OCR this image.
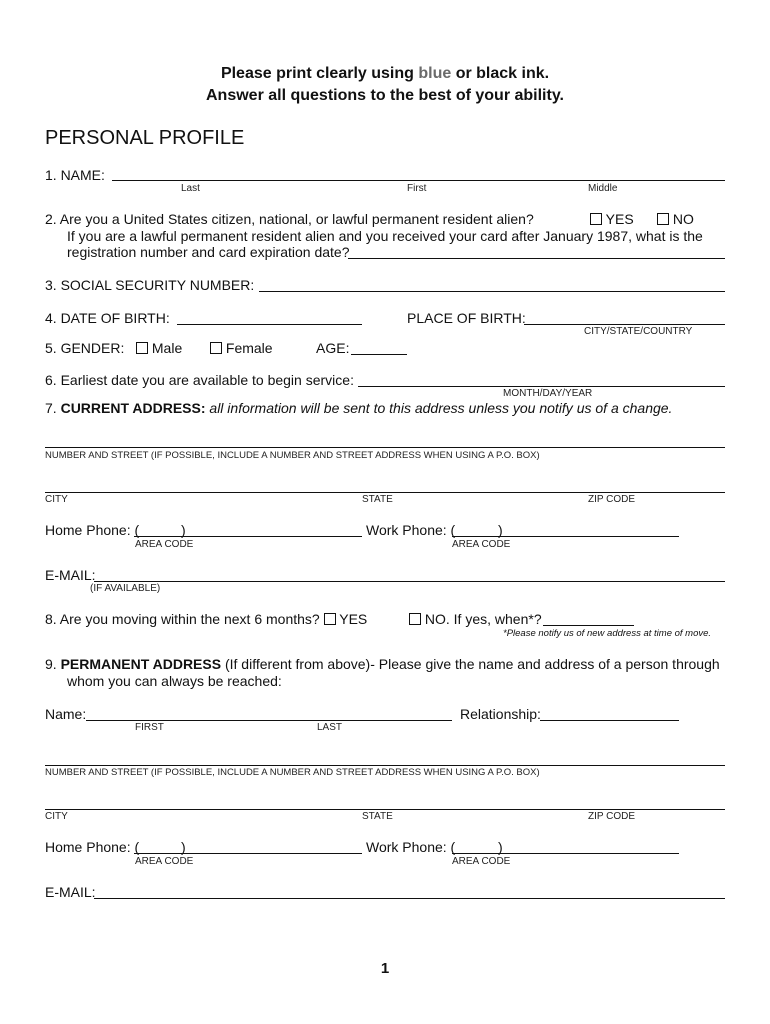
Please print clearly using blue or black ink.
Answer all questions to the best of your ability.
PERSONAL PROFILE
1. NAME:
Last	First	Middle
2. Are you a United States citizen, national, or lawful permanent resident alien?	YES	NO
If you are a lawful permanent resident alien and you received your card after January 1987, what is the
registration number and card expiration date?
3. SOCIAL SECURITY NUMBER:
4. DATE OF BIRTH:	PLACE OF BIRTH:
CITY/STATE/COUNTRY
5. GENDER:	Male	Female	AGE:
6. Earliest date you are available to begin service:
MONTH/DAY/YEAR
7. CURRENT ADDRESS: all information will be sent to this address unless you notify us of a change.
NUMBER AND STREET (IF POSSIBLE, INCLUDE A NUMBER AND STREET ADDRESS WHEN USING A P.O. BOX)
CITY	STATE	ZIP CODE
Home Phone: (	)
AREA CODE
Work Phone: (	)
AREA CODE
E-MAIL:
(IF AVAILABLE)
8. Are you moving within the next 6 months? YES	NO. If yes, when*?
*Please notify us of new address at time of move.
9. PERMANENT ADDRESS (If different from above)- Please give the name and address of a person through
whom you can always be reached:
Name:
FIRST	LAST
Relationship:
NUMBER AND STREET (IF POSSIBLE, INCLUDE A NUMBER AND STREET ADDRESS WHEN USING A P.O. BOX)
CITY	STATE	ZIP CODE
Home Phone: (	)
AREA CODE
Work Phone: (	)
AREA CODE
E-MAIL:
1
